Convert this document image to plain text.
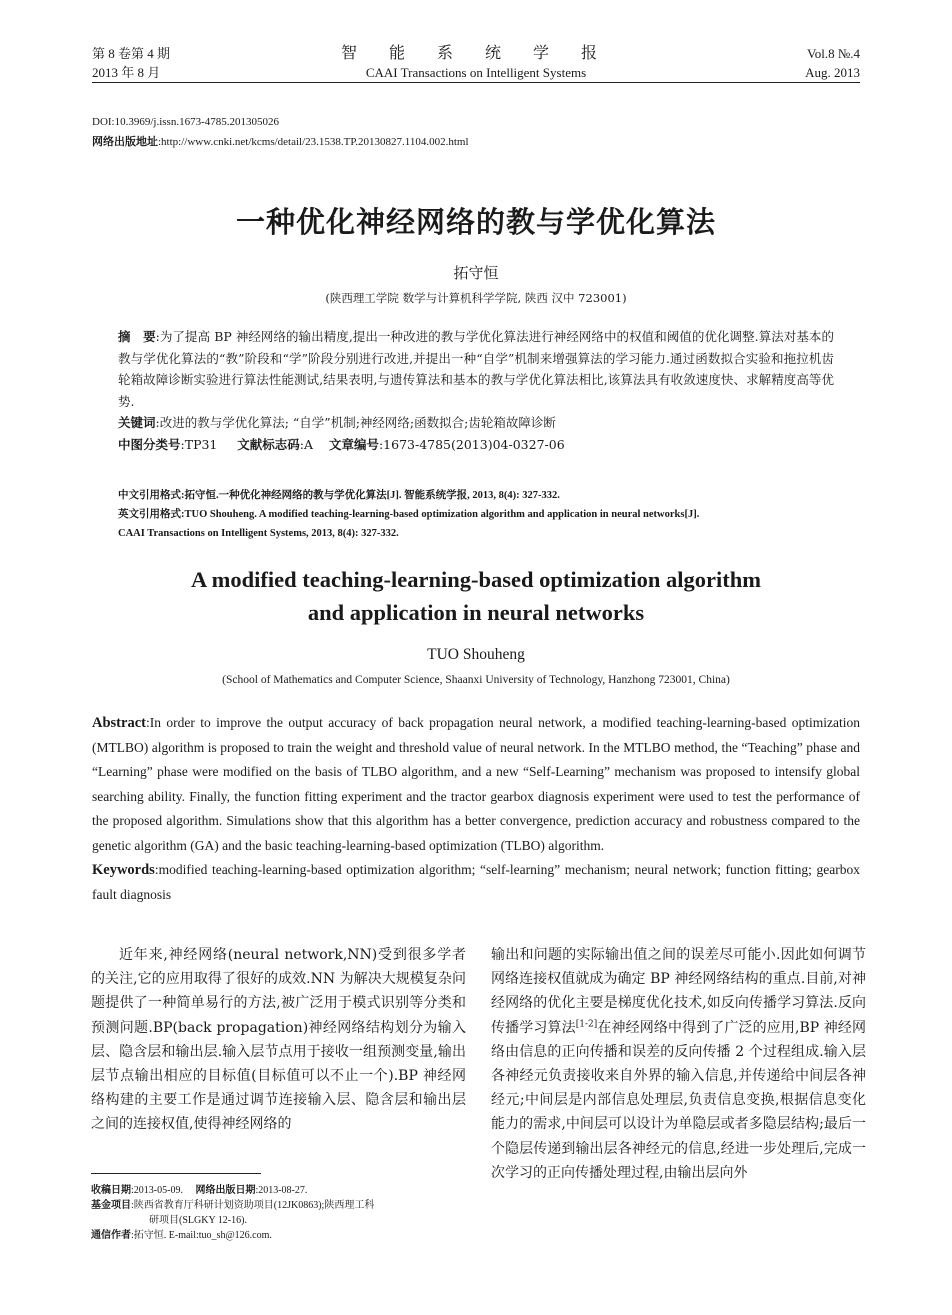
第 8 卷第 4 期	智 能 系 统 学 报	Vol.8 №.4
2013 年 8 月	CAAI Transactions on Intelligent Systems	Aug. 2013
DOI:10.3969/j.issn.1673-4785.201305026
网络出版地址:http://www.cnki.net/kcms/detail/23.1538.TP.20130827.1104.002.html
一种优化神经网络的教与学优化算法
拓守恒
(陕西理工学院 数学与计算机科学学院, 陕西 汉中 723001)
摘　要:为了提高 BP 神经网络的输出精度,提出一种改进的教与学优化算法进行神经网络中的权值和阈值的优化调整.算法对基本的教与学优化算法的“教”阶段和“学”阶段分别进行改进,并提出一种“自学”机制来增强算法的学习能力.通过函数拟合实验和拖拉机齿轮箱故障诊断实验进行算法性能测试,结果表明,与遗传算法和基本的教与学优化算法相比,该算法具有收敛速度快、求解精度高等优势.
关键词:改进的教与学优化算法; “自学”机制;神经网络;函数拟合;齿轮箱故障诊断
中图分类号:TP31 文献标志码:A 文章编号:1673-4785(2013)04-0327-06
中文引用格式:拓守恒.一种优化神经网络的教与学优化算法[J]. 智能系统学报, 2013, 8(4): 327-332.
英文引用格式:TUO Shouheng. A modified teaching-learning-based optimization algorithm and application in neural networks[J].
CAAI Transactions on Intelligent Systems, 2013, 8(4): 327-332.
A modified teaching-learning-based optimization algorithm
and application in neural networks
TUO Shouheng
(School of Mathematics and Computer Science, Shaanxi University of Technology, Hanzhong 723001, China)
Abstract:In order to improve the output accuracy of back propagation neural network, a modified teaching-learning-based optimization (MTLBO) algorithm is proposed to train the weight and threshold value of neural network. In the MTLBO method, the “Teaching” phase and “Learning” phase were modified on the basis of TLBO algorithm, and a new “Self-Learning” mechanism was proposed to intensify global searching ability. Finally, the function fitting experiment and the tractor gearbox diagnosis experiment were used to test the performance of the proposed algorithm. Simulations show that this algorithm has a better convergence, prediction accuracy and robustness compared to the genetic algorithm (GA) and the basic teaching-learning-based optimization (TLBO) algorithm.
Keywords:modified teaching-learning-based optimization algorithm; “self-learning” mechanism; neural network; function fitting; gearbox fault diagnosis

近年来,神经网络(neural network,NN)受到很多学者的关注,它的应用取得了很好的成效.NN 为解决大规模复杂问题提供了一种简单易行的方法,被广泛用于模式识别等分类和预测问题.BP(back propagation)神经网络结构划分为输入层、隐含层和输出层.输入层节点用于接收一组预测变量,输出层节点输出相应的目标值(目标值可以不止一个).BP 神经网络构建的主要工作是通过调节连接输入层、隐含层和输出层之间的连接权值,使得神经网络的

输出和问题的实际输出值之间的误差尽可能小.因此如何调节网络连接权值就成为确定 BP 神经网络结构的重点.目前,对神经网络的优化主要是梯度优化技术,如反向传播学习算法.反向传播学习算法[1-2]在神经网络中得到了广泛的应用,BP 神经网络由信息的正向传播和误差的反向传播 2 个过程组成.输入层各神经元负责接收来自外界的输入信息,并传递给中间层各神经元;中间层是内部信息处理层,负责信息变换,根据信息变化能力的需求,中间层可以设计为单隐层或者多隐层结构;最后一个隐层传递到输出层各神经元的信息,经进一步处理后,完成一次学习的正向传播处理过程,由输出层向外

收稿日期:2013-05-09. 网络出版日期:2013-08-27.
基金项目:陕西省教育厅科研计划资助项目(12JK0863);陕西理工科
研项目(SLGKY 12-16).
通信作者:拓守恒. E-mail:tuo_sh@126.com.
